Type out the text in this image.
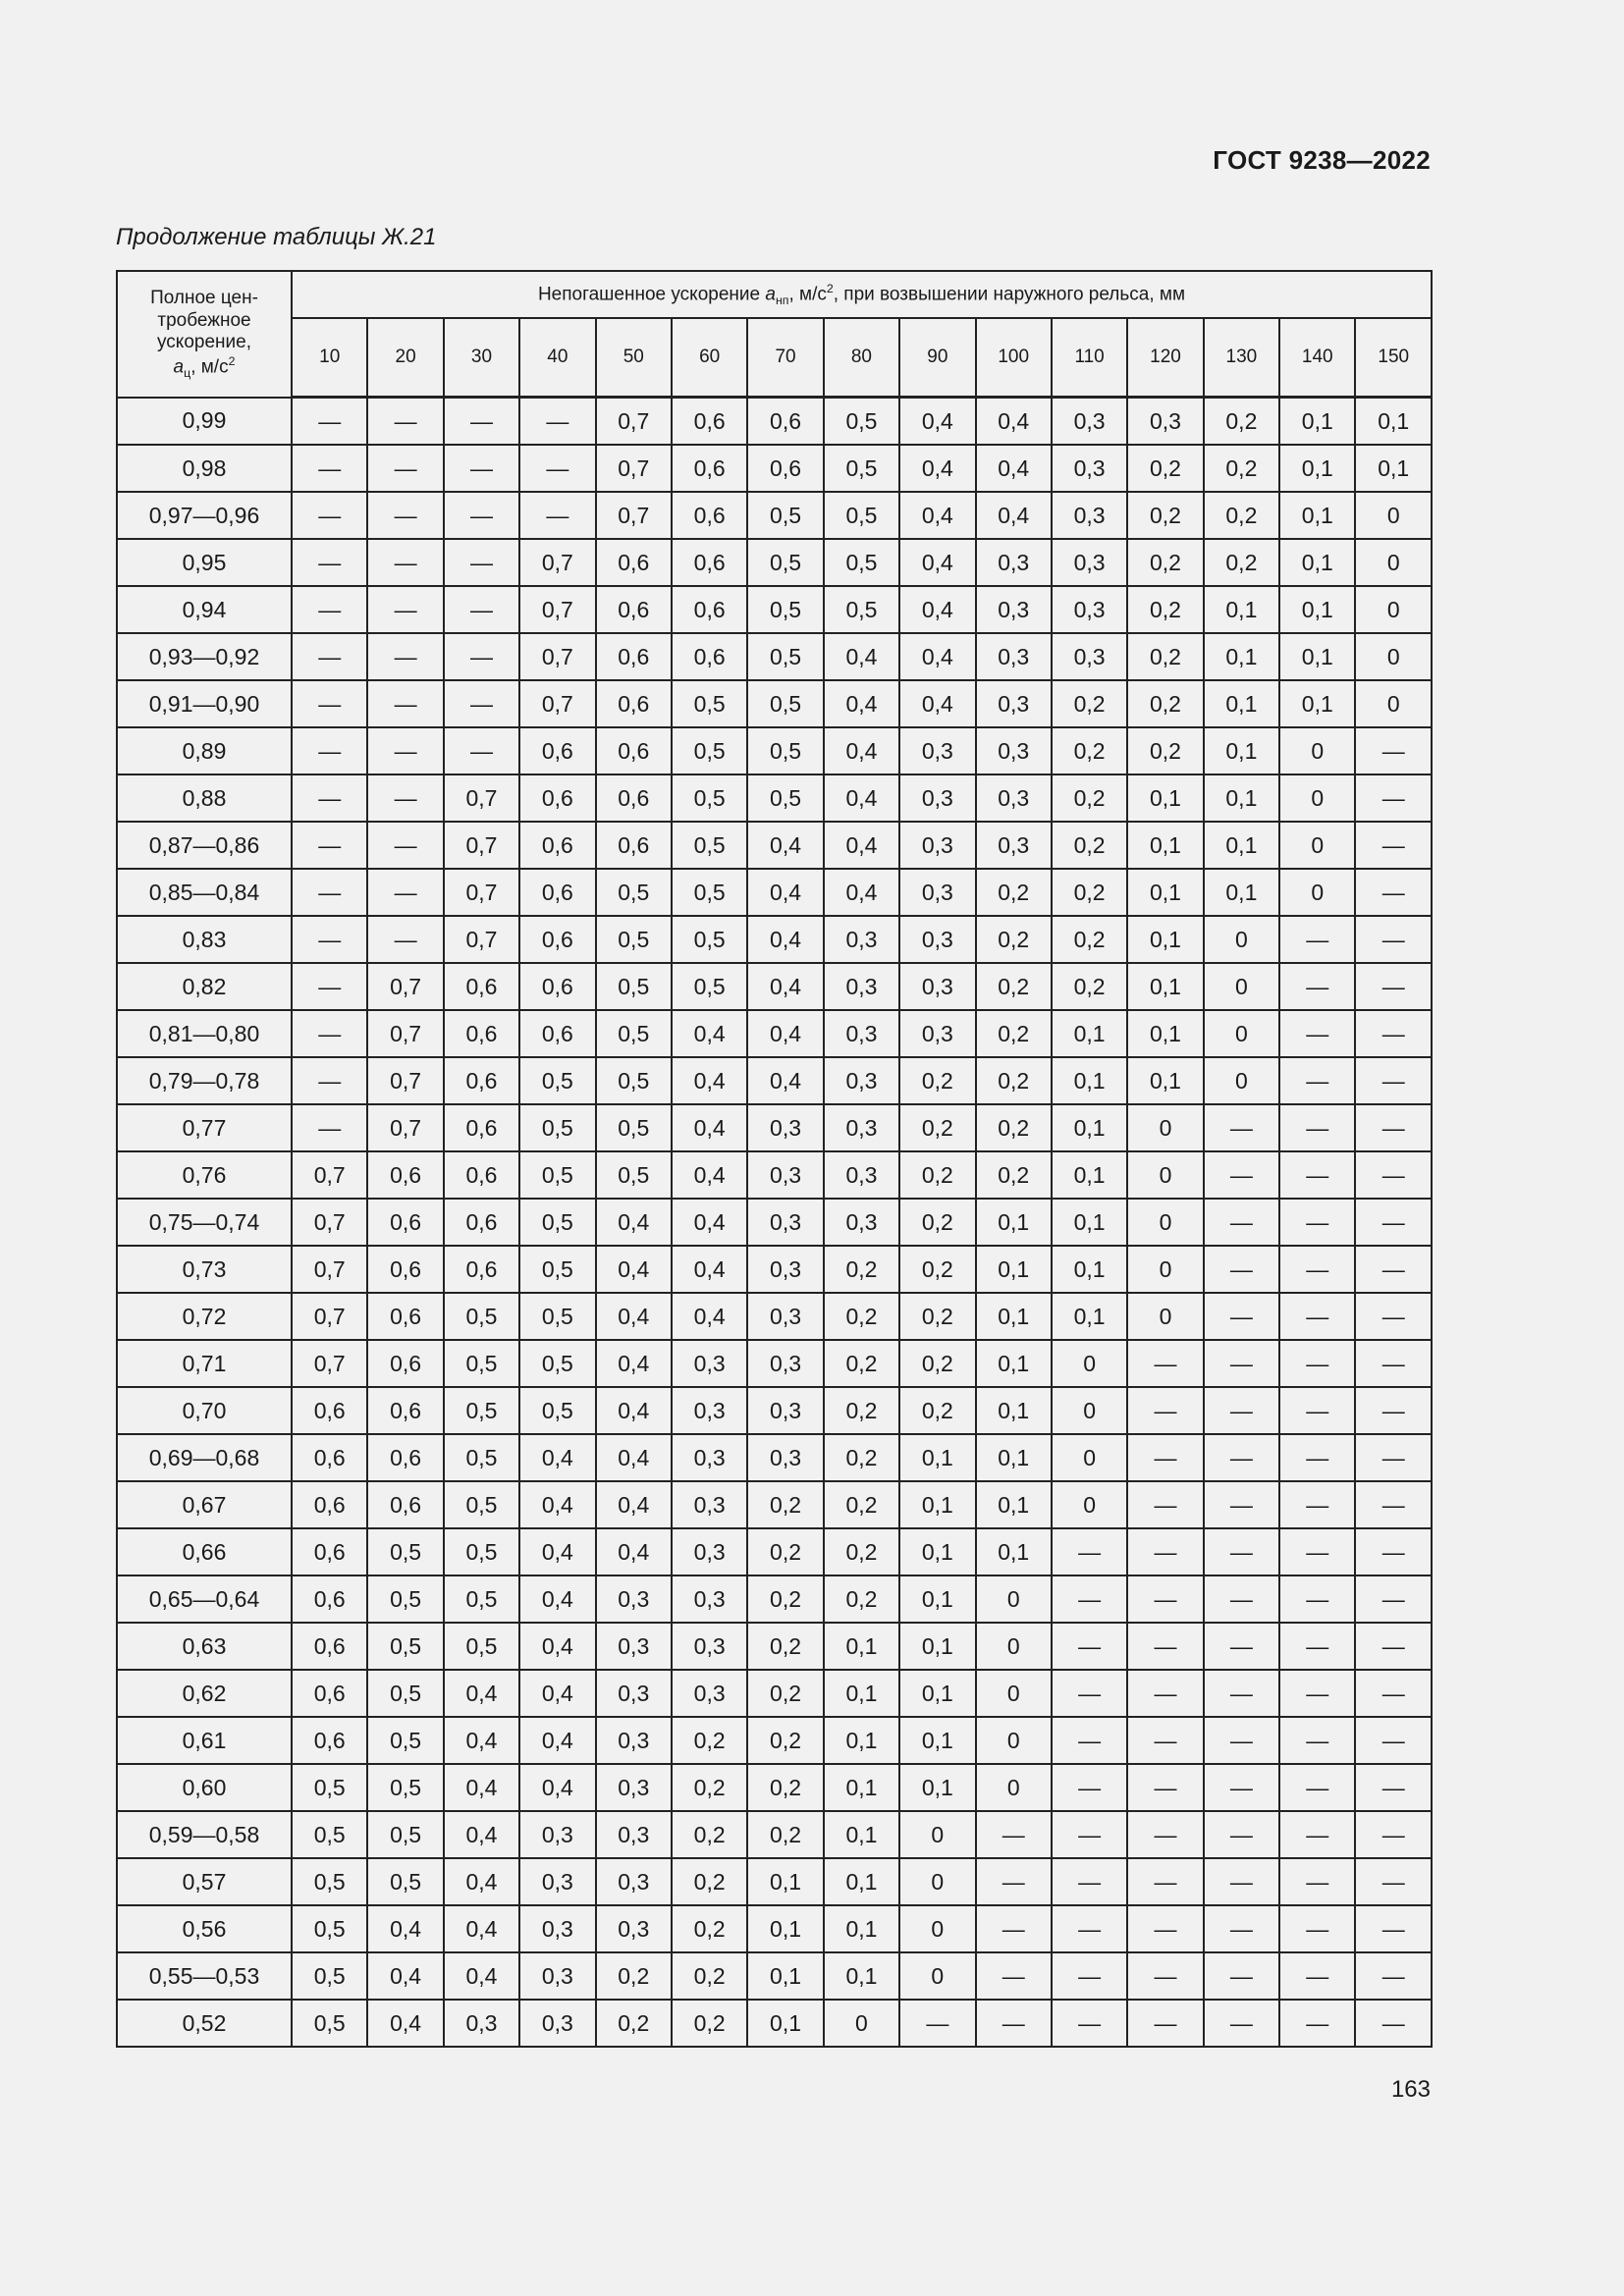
ГОСТ 9238—2022
Продолжение таблицы Ж.21
Полное цен-
тробежное
ускорение,
$a_ц$, $м/с^2$	Непогашенное ускорение $a_{нп}$, $м/с^2$, при возвышении наружного рельса, мм														
	10	20	30	40	50	60	70	80	90	100	110	120	130	140	150
0,99	—	—	—	—	0,7	0,6	0,6	0,5	0,4	0,4	0,3	0,3	0,2	0,1	0,1
0,98	—	—	—	—	0,7	0,6	0,6	0,5	0,4	0,4	0,3	0,2	0,2	0,1	0,1
0,97—0,96	—	—	—	—	0,7	0,6	0,5	0,5	0,4	0,4	0,3	0,2	0,2	0,1	0
0,95	—	—	—	0,7	0,6	0,6	0,5	0,5	0,4	0,3	0,3	0,2	0,2	0,1	0
0,94	—	—	—	0,7	0,6	0,6	0,5	0,5	0,4	0,3	0,3	0,2	0,1	0,1	0
0,93—0,92	—	—	—	0,7	0,6	0,6	0,5	0,4	0,4	0,3	0,3	0,2	0,1	0,1	0
0,91—0,90	—	—	—	0,7	0,6	0,5	0,5	0,4	0,4	0,3	0,2	0,2	0,1	0,1	0
0,89	—	—	—	0,6	0,6	0,5	0,5	0,4	0,3	0,3	0,2	0,2	0,1	0	—
0,88	—	—	0,7	0,6	0,6	0,5	0,5	0,4	0,3	0,3	0,2	0,1	0,1	0	—
0,87—0,86	—	—	0,7	0,6	0,6	0,5	0,4	0,4	0,3	0,3	0,2	0,1	0,1	0	—
0,85—0,84	—	—	0,7	0,6	0,5	0,5	0,4	0,4	0,3	0,2	0,2	0,1	0,1	0	—
0,83	—	—	0,7	0,6	0,5	0,5	0,4	0,3	0,3	0,2	0,2	0,1	0	—	—
0,82	—	0,7	0,6	0,6	0,5	0,5	0,4	0,3	0,3	0,2	0,2	0,1	0	—	—
0,81—0,80	—	0,7	0,6	0,6	0,5	0,4	0,4	0,3	0,3	0,2	0,1	0,1	0	—	—
0,79—0,78	—	0,7	0,6	0,5	0,5	0,4	0,4	0,3	0,2	0,2	0,1	0,1	0	—	—
0,77	—	0,7	0,6	0,5	0,5	0,4	0,3	0,3	0,2	0,2	0,1	0	—	—	—
0,76	0,7	0,6	0,6	0,5	0,5	0,4	0,3	0,3	0,2	0,2	0,1	0	—	—	—
0,75—0,74	0,7	0,6	0,6	0,5	0,4	0,4	0,3	0,3	0,2	0,1	0,1	0	—	—	—
0,73	0,7	0,6	0,6	0,5	0,4	0,4	0,3	0,2	0,2	0,1	0,1	0	—	—	—
0,72	0,7	0,6	0,5	0,5	0,4	0,4	0,3	0,2	0,2	0,1	0,1	0	—	—	—
0,71	0,7	0,6	0,5	0,5	0,4	0,3	0,3	0,2	0,2	0,1	0	—	—	—	—
0,70	0,6	0,6	0,5	0,5	0,4	0,3	0,3	0,2	0,2	0,1	0	—	—	—	—
0,69—0,68	0,6	0,6	0,5	0,4	0,4	0,3	0,3	0,2	0,1	0,1	0	—	—	—	—
0,67	0,6	0,6	0,5	0,4	0,4	0,3	0,2	0,2	0,1	0,1	0	—	—	—	—
0,66	0,6	0,5	0,5	0,4	0,4	0,3	0,2	0,2	0,1	0,1	—	—	—	—	—
0,65—0,64	0,6	0,5	0,5	0,4	0,3	0,3	0,2	0,2	0,1	0	—	—	—	—	—
0,63	0,6	0,5	0,5	0,4	0,3	0,3	0,2	0,1	0,1	0	—	—	—	—	—
0,62	0,6	0,5	0,4	0,4	0,3	0,3	0,2	0,1	0,1	0	—	—	—	—	—
0,61	0,6	0,5	0,4	0,4	0,3	0,2	0,2	0,1	0,1	0	—	—	—	—	—
0,60	0,5	0,5	0,4	0,4	0,3	0,2	0,2	0,1	0,1	0	—	—	—	—	—
0,59—0,58	0,5	0,5	0,4	0,3	0,3	0,2	0,2	0,1	0	—	—	—	—	—	—
0,57	0,5	0,5	0,4	0,3	0,3	0,2	0,1	0,1	0	—	—	—	—	—	—
0,56	0,5	0,4	0,4	0,3	0,3	0,2	0,1	0,1	0	—	—	—	—	—	—
0,55—0,53	0,5	0,4	0,4	0,3	0,2	0,2	0,1	0,1	0	—	—	—	—	—	—
0,52	0,5	0,4	0,3	0,3	0,2	0,2	0,1	0	—	—	—	—	—	—	—
163
